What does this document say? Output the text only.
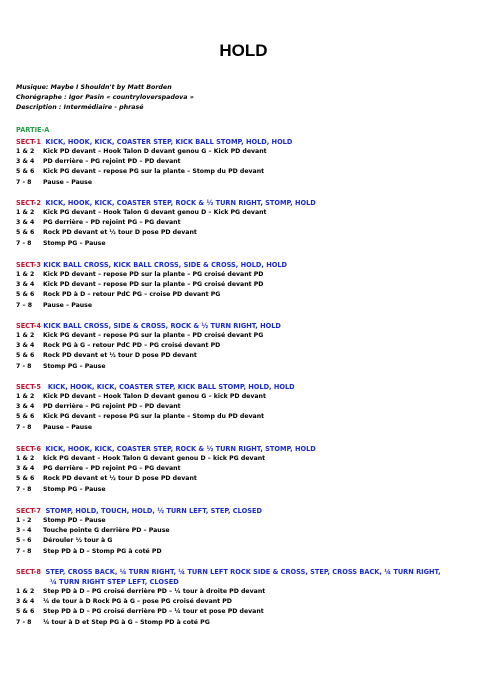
HOLD
Musique: Maybe I Shouldn't by Matt Borden
Chorégraphe : Igor Pasin « countryloverspadova »
Description : Intermédiaire - phrasé
PARTIE-A
SECT-1 KICK, HOOK, KICK, COASTER STEP, KICK BALL STOMP, HOLD, HOLD
1 & 2 Kick PD devant – Hook Talon D devant genou G – Kick PD devant
3 & 4 PD derrière – PG rejoint PD – PD devant
5 & 6 Kick PG devant – repose PG sur la plante – Stomp du PD devant
7 - 8 Pause – Pause
SECT-2 KICK, HOOK, KICK, COASTER STEP, ROCK & ½ TURN RIGHT, STOMP, HOLD
1 & 2 Kick PG devant – Hook Talon G devant genou D – Kick PG devant
3 & 4 PG derrière – PD rejoint PG – PG devant
5 & 6 Rock PD devant et ½ tour D pose PD devant
7 - 8 Stomp PG – Pause
SECT-3 KICK BALL CROSS, KICK BALL CROSS, SIDE & CROSS, HOLD, HOLD
1 & 2 Kick PD devant – repose PD sur la plante – PG croisé devant PD
3 & 4 Kick PD devant – repose PD sur la plante – PG croisé devant PD
5 & 6 Rock PD à D – retour PdC PG – croise PD devant PG
7 – 8 Pause – Pause
SECT-4 KICK BALL CROSS, SIDE & CROSS, ROCK & ½ TURN RIGHT, HOLD
1 & 2 Kick PG devant – repose PG sur la plante – PD croisé devant PG
3 & 4 Rock PG à G – retour PdC PD – PG croisé devant PD
5 & 6 Rock PD devant et ½ tour D pose PD devant
7 - 8 Stomp PG – Pause
SECT-5 KICK, HOOK, KICK, COASTER STEP, KICK BALL STOMP, HOLD, HOLD
1 & 2 Kick PD devant – Hook Talon D devant genou G – kick PD devant
3 & 4 PD derrière – PG rejoint PD – PD devant
5 & 6 Kick PG devant – repose PG sur la plante – Stomp du PD devant
7 - 8 Pause – Pause
SECT-6 KICK, HOOK, KICK, COASTER STEP, ROCK & ½ TURN RIGHT, STOMP, HOLD
1 & 2 kick PG devant – Hook Talon G devant genou D – kick PG devant
3 & 4 PG derrière – PD rejoint PG – PG devant
5 & 6 Rock PD devant et ½ tour D pose PD devant
7 - 8 Stomp PG – Pause
SECT-7 STOMP, HOLD, TOUCH, HOLD, ½ TURN LEFT, STEP, CLOSED
1 - 2 Stomp PD – Pause
3 - 4 Touche pointe G derrière PD – Pause
5 - 6 Dérouler ½ tour à G
7 - 8 Step PD à D – Stomp PG à coté PD
SECT-8 STEP, CROSS BACK, ¼ TURN RIGHT, ¼ TURN LEFT ROCK SIDE & CROSS, STEP, CROSS BACK, ¼ TURN RIGHT,
¼ TURN RIGHT STEP LEFT, CLOSED
1 & 2 Step PD à D – PG croisé derrière PD – ¼ tour à droite PD devant
3 & 4 ¼ de tour à D Rock PG à G – pose PG croisé devant PD
5 & 6 Step PD à D – PG croisé derrière PD – ¼ tour et pose PD devant
7 - 8 ¼ tour à D et Step PG à G – Stomp PD à coté PG
